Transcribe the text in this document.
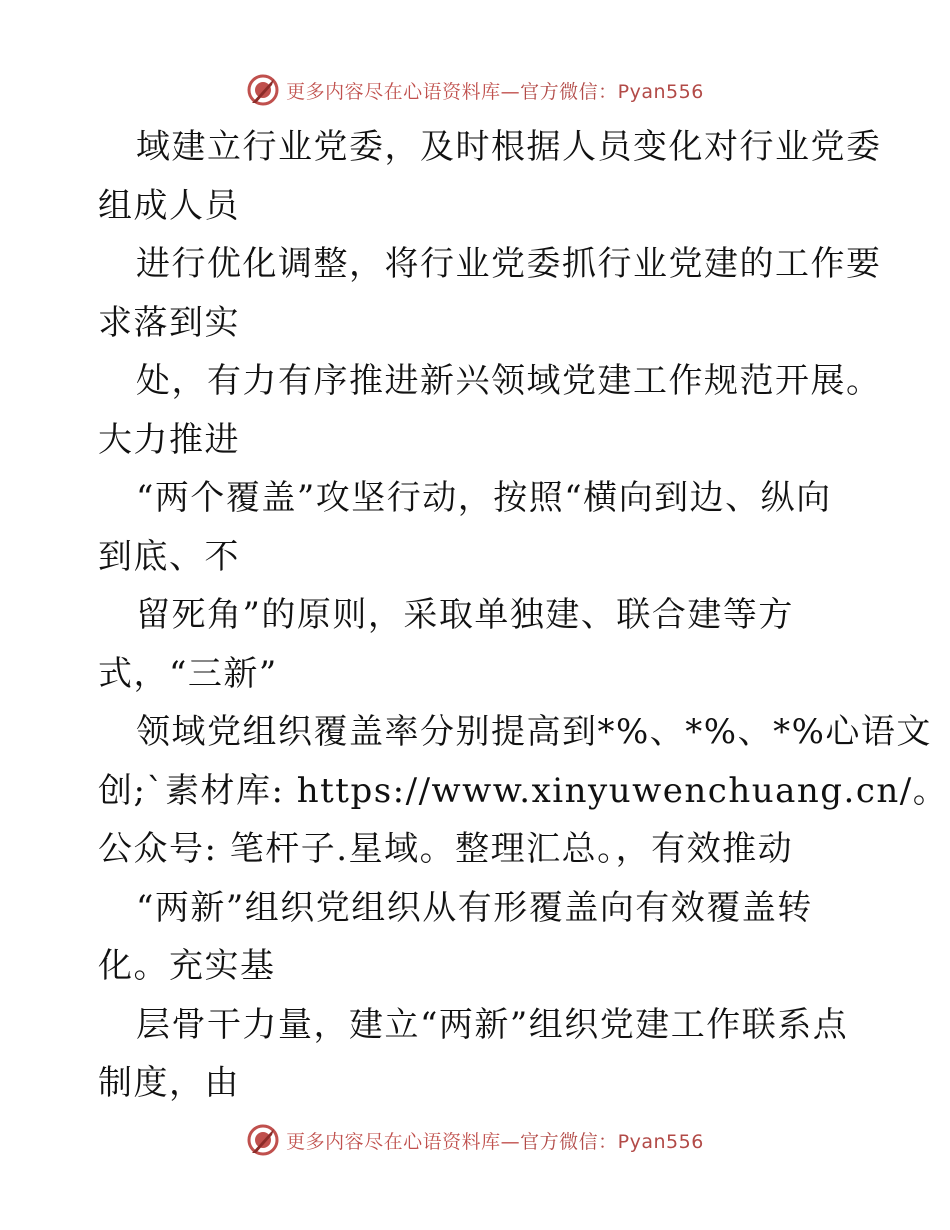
更多内容尽在心语资料库—官方微信：Pyan556
域建立行业党委，及时根据人员变化对行业党委
组成人员
进行优化调整，将行业党委抓行业党建的工作要
求落到实
处，有力有序推进新兴领域党建工作规范开展。
大力推进
“两个覆盖”攻坚行动，按照“横向到边、纵向
到底、不
留死角”的原则，采取单独建、联合建等方
式，“三新”
领域党组织覆盖率分别提高到*%、*%、*%心语文
创;`素材库: https://www.xinyuwenchuang.cn/。
公众号: 笔杆子.星域。整理汇总。，有效推动
“两新”组织党组织从有形覆盖向有效覆盖转
化。充实基
层骨干力量，建立“两新”组织党建工作联系点
制度，由
更多内容尽在心语资料库—官方微信：Pyan556
